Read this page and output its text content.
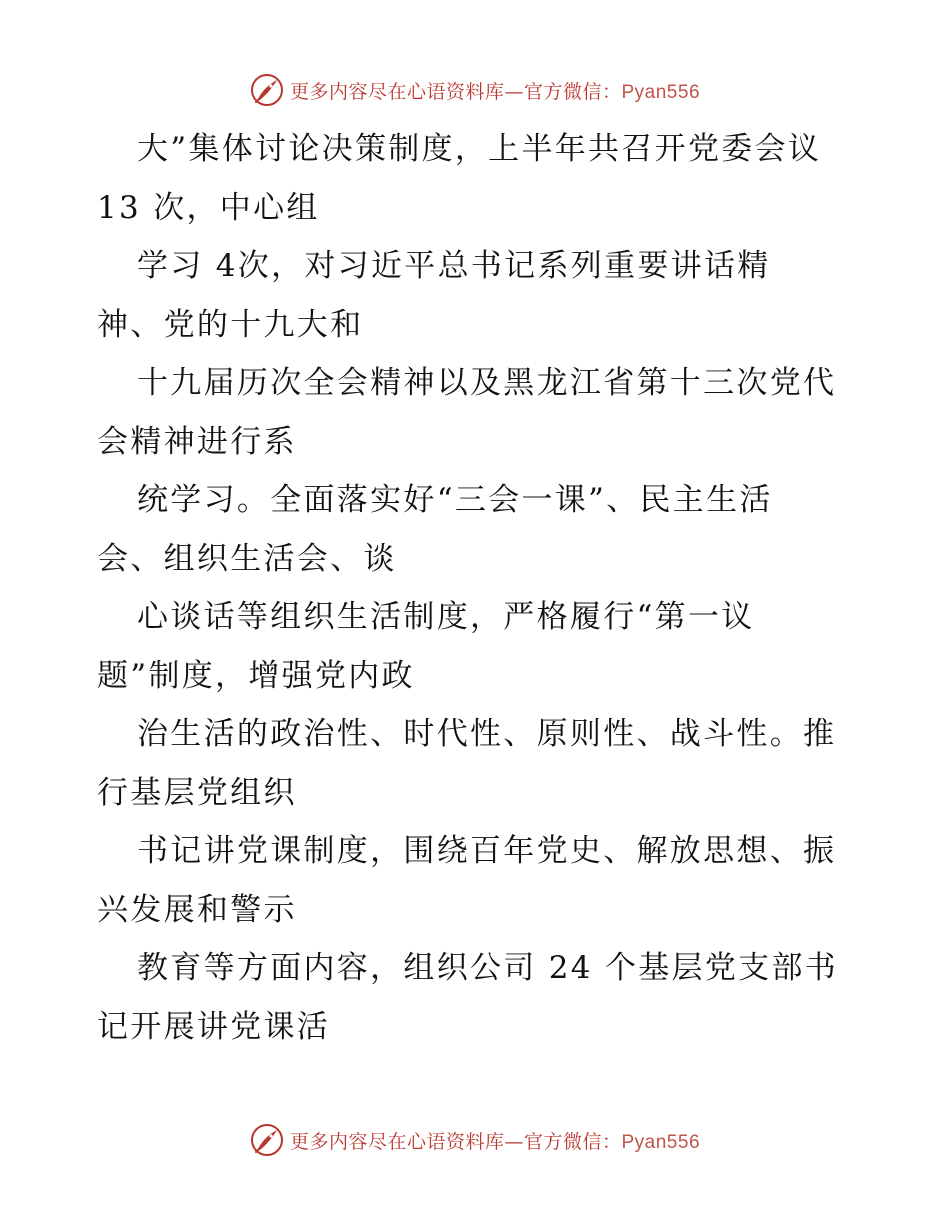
更多内容尽在心语资料库—官方微信：Pyan556
大”集体讨论决策制度，上半年共召开党委会议
13 次，中心组
学习 4次，对习近平总书记系列重要讲话精
神、党的十九大和
十九届历次全会精神以及黑龙江省第十三次党代
会精神进行系
统学习。全面落实好“三会一课”、民主生活
会、组织生活会、谈
心谈话等组织生活制度，严格履行“第一议
题”制度，增强党内政
治生活的政治性、时代性、原则性、战斗性。推
行基层党组织
书记讲党课制度，围绕百年党史、解放思想、振
兴发展和警示
教育等方面内容，组织公司 24 个基层党支部书
记开展讲党课活
更多内容尽在心语资料库—官方微信：Pyan556
